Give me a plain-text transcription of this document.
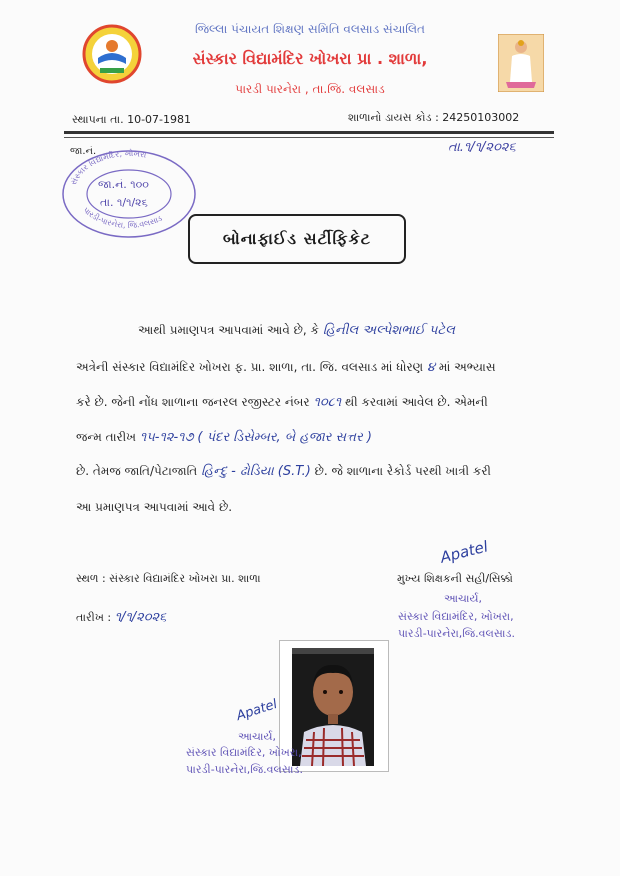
જિલ્લા પંચાયત શિક્ષણ સમિતિ વલસાડ સંચાલિત
સંસ્કાર વિદ્યામંદિર ખોખરા પ્રા . શાળા,
પારડી પારનેરા , તા.જિ. વલસાડ
સ્થાપના તા. 10-07-1981	શાળાનો ડાયસ કોડ : 24250103002
તા.૧/૧/૨૦૨૬
જા.નં.
સંસ્કાર વિદ્યામંદિર, ખોખરા
પારડી-પારનેરા, જિ.વલસાડ
જા.નં. ૧૦૦
તા. ૧/૧/૨૬
બોનાફાઈડ સર્ટીફિકેટ
આથી પ્રમાણપત્ર આપવામાં આવે છે, કે હિનીલ અલ્પેશભાઈ પટેલ
અત્રેની સંસ્કાર વિદ્યામંદિર ખોખરા ફ. પ્રા. શાળા, તા. જિ. વલસાડ માં ધોરણ ૪ માં અભ્યાસ
કરે છે. જેની નોંધ શાળાના જનરલ રજીસ્ટર નંબર ૧૦૮૧ થી કરવામાં આવેલ છે. એમની
જન્મ તારીખ ૧૫-૧૨-૧૭ ( પંદર ડિસેમ્બર, બે હજાર સત્તર )
છે. તેમજ જાતિ/પેટાજાતિ હિન્દુ - ઢોડિયા (S.T.) છે. જે શાળાના રેકોર્ડ પરથી ખાત્રી કરી
આ પ્રમાણપત્ર આપવામાં આવે છે.
સ્થળ : સંસ્કાર વિદ્યામંદિર ખોખરા પ્રા. શાળા
તારીખ : ૧/૧/૨૦૨૬
Apatel
મુખ્ય શિક્ષકની સહી/સિક્કો
આચાર્ય,
સંસ્કાર વિદ્યામંદિર, ખોખરા,
પારડી-પારનેરા,જિ.વલસાડ.
Apatel
આચાર્ય,
સંસ્કાર વિદ્યામંદિર, ખોખરા,
પારડી-પારનેરા,જિ.વલસાડ.
